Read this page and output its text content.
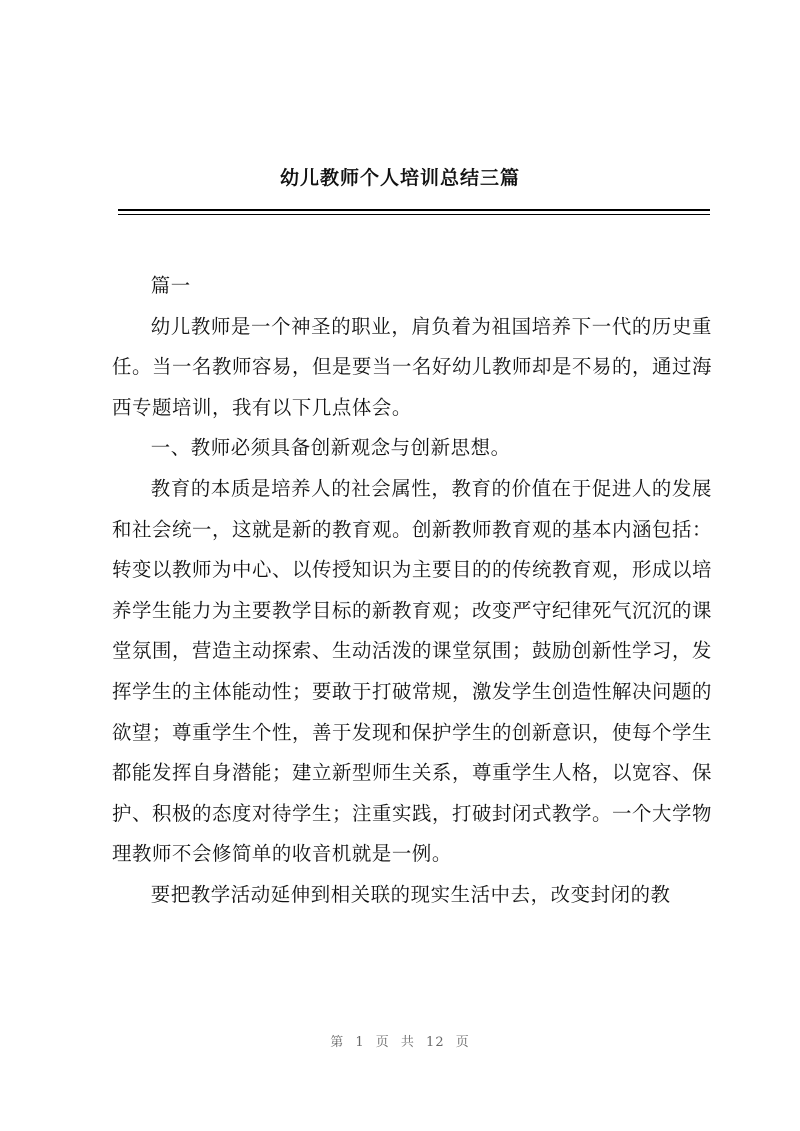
幼儿教师个人培训总结三篇

篇一

幼儿教师是一个神圣的职业，肩负着为祖国培养下一代的历史重任。当一名教师容易，但是要当一名好幼儿教师却是不易的，通过海西专题培训，我有以下几点体会。

一、教师必须具备创新观念与创新思想。

教育的本质是培养人的社会属性，教育的价值在于促进人的发展和社会统一，这就是新的教育观。创新教师教育观的基本内涵包括：转变以教师为中心、以传授知识为主要目的的传统教育观，形成以培养学生能力为主要教学目标的新教育观；改变严守纪律死气沉沉的课堂氛围，营造主动探索、生动活泼的课堂氛围；鼓励创新性学习，发挥学生的主体能动性；要敢于打破常规，激发学生创造性解决问题的欲望；尊重学生个性，善于发现和保护学生的创新意识，使每个学生都能发挥自身潜能；建立新型师生关系，尊重学生人格，以宽容、保护、积极的态度对待学生；注重实践，打破封闭式教学。一个大学物理教师不会修简单的收音机就是一例。

要把教学活动延伸到相关联的现实生活中去，改变封闭的教

第 1 页 共 12 页
